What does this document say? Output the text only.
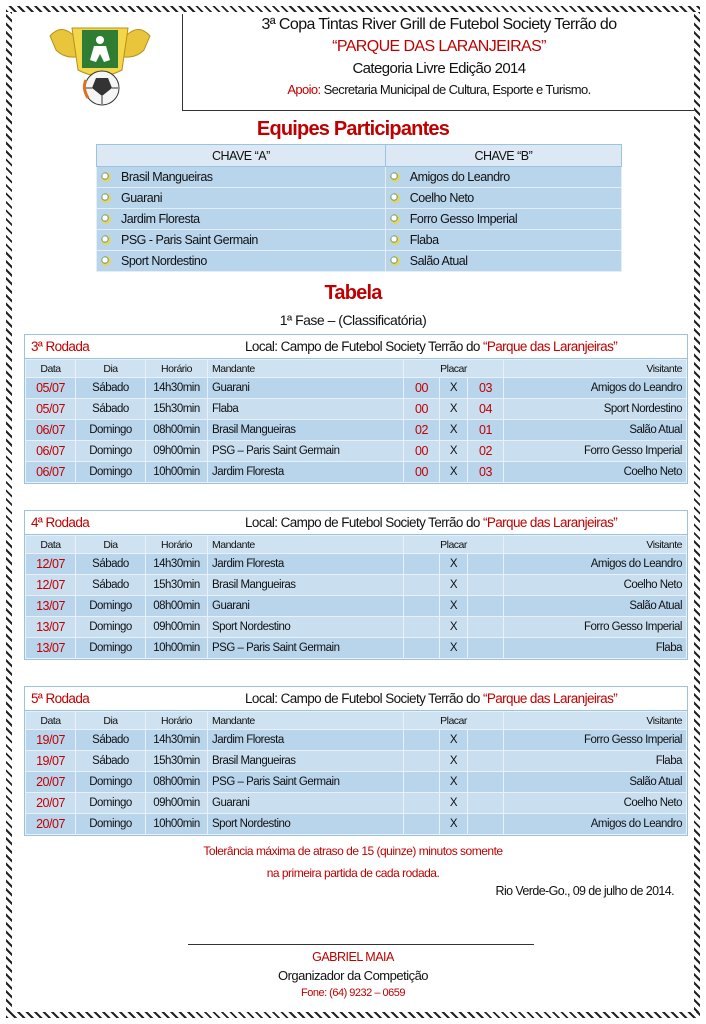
3ª Copa Tintas River Grill de Futebol Society Terrão do
“PARQUE DAS LARANJEIRAS”
Categoria Livre Edição 2014
Apoio: Secretaria Municipal de Cultura, Esporte e Turismo.
Equipes Participantes
CHAVE “A”	CHAVE “B”
Brasil Mangueiras	Amigos do Leandro
Guarani	Coelho Neto
Jardim Floresta	Forro Gesso Imperial
PSG - Paris Saint Germain	Flaba
Sport Nordestino	Salão Atual
Tabela
1ª Fase – (Classificatória)
3ª Rodada	Local: Campo de Futebol Society Terrão do “Parque das Laranjeiras”
Data	Dia	Horário	Mandante	Placar			Visitante
05/07	Sábado	14h30min	Guarani	00	X	03	Amigos do Leandro
05/07	Sábado	15h30min	Flaba	00	X	04	Sport Nordestino
06/07	Domingo	08h00min	Brasil Mangueiras	02	X	01	Salão Atual
06/07	Domingo	09h00min	PSG – Paris Saint Germain	00	X	02	Forro Gesso Imperial
06/07	Domingo	10h00min	Jardim Floresta	00	X	03	Coelho Neto
4ª Rodada	Local: Campo de Futebol Society Terrão do “Parque das Laranjeiras”
Data	Dia	Horário	Mandante	Placar			Visitante
12/07	Sábado	14h30min	Jardim Floresta		X		Amigos do Leandro
12/07	Sábado	15h30min	Brasil Mangueiras		X		Coelho Neto
13/07	Domingo	08h00min	Guarani		X		Salão Atual
13/07	Domingo	09h00min	Sport Nordestino		X		Forro Gesso Imperial
13/07	Domingo	10h00min	PSG – Paris Saint Germain		X		Flaba
5ª Rodada	Local: Campo de Futebol Society Terrão do “Parque das Laranjeiras”
Data	Dia	Horário	Mandante	Placar			Visitante
19/07	Sábado	14h30min	Jardim Floresta		X		Forro Gesso Imperial
19/07	Sábado	15h30min	Brasil Mangueiras		X		Flaba
20/07	Domingo	08h00min	PSG – Paris Saint Germain		X		Salão Atual
20/07	Domingo	09h00min	Guarani		X		Coelho Neto
20/07	Domingo	10h00min	Sport Nordestino		X		Amigos do Leandro
Tolerância máxima de atraso de 15 (quinze) minutos somente
na primeira partida de cada rodada.
Rio Verde-Go., 09 de julho de 2014.
GABRIEL MAIA
Organizador da Competição
Fone: (64) 9232 – 0659
